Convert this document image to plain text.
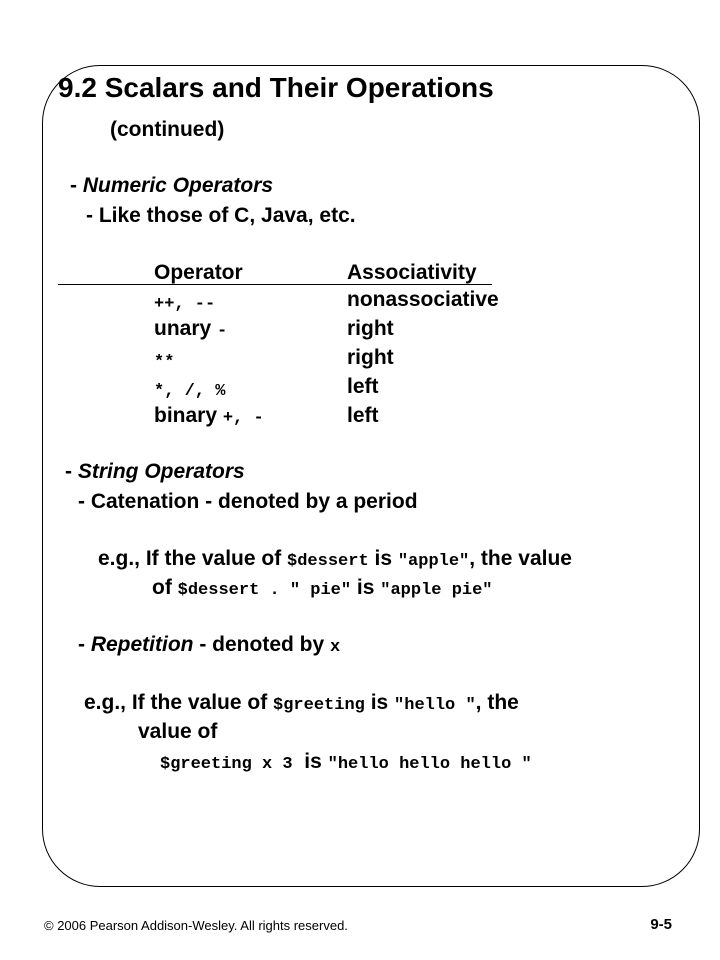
9.2 Scalars and Their Operations
(continued)
- Numeric Operators
- Like those of C, Java, etc.
Operator	Associativity
++, --	nonassociative
unary -	right
**	right
*, /, %	left
binary +, -	left
- String Operators
- Catenation - denoted by a period
e.g., If the value of $dessert is "apple", the value
of $dessert . " pie" is "apple pie"
- Repetition - denoted by x
e.g., If the value of $greeting is "hello ", the
value of
$greeting x 3  is "hello hello hello "
© 2006 Pearson Addison-Wesley. All rights reserved.	9-5
